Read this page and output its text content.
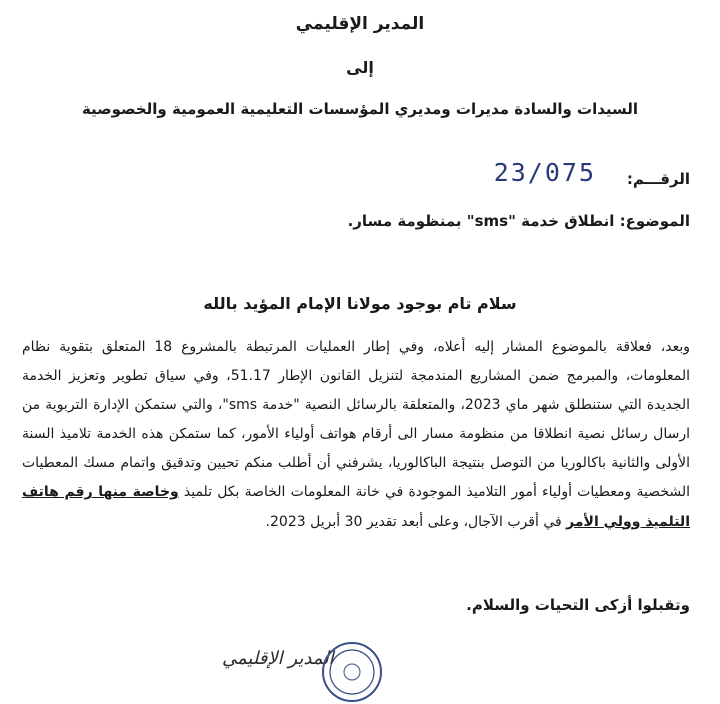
المدير الإقليمي
إلى
السيدات والسادة مديرات ومديري المؤسسات التعليمية العمومية والخصوصية
الرقـــم:
23/075
الموضوع: انطلاق خدمة "sms" بمنظومة مسار.
سلام تام بوجود مولانا الإمام المؤيد بالله
وبعد، فعلاقة بالموضوع المشار إليه أعلاه، وفي إطار العمليات المرتبطة بالمشروع 18 المتعلق بتقوية نظام المعلومات، والمبرمج ضمن المشاريع المندمجة لتنزيل القانون الإطار 51.17، وفي سياق تطوير وتعزيز الخدمة الجديدة التي ستنطلق شهر ماي 2023، والمتعلقة بالرسائل النصية "خدمة sms"، والتي ستمكن الإدارة التربوية من ارسال رسائل نصية انطلاقا من منظومة مسار الى أرقام هواتف أولياء الأمور، كما ستمكن هذه الخدمة تلاميذ السنة الأولى والثانية باكالوريا من التوصل بنتيجة الباكالوريا، يشرفني أن أطلب منكم تحيين وتدقيق واتمام مسك المعطيات الشخصية ومعطيات أولياء أمور التلاميذ الموجودة في خانة المعلومات الخاصة بكل تلميذ وخاصة منها رقم هاتف التلميذ وولي الأمر في أقرب الآجال، وعلى أبعد تقدير 30 أبريل 2023.
وتقبلوا أزكى التحيات والسلام.
المدير الإقليمي
